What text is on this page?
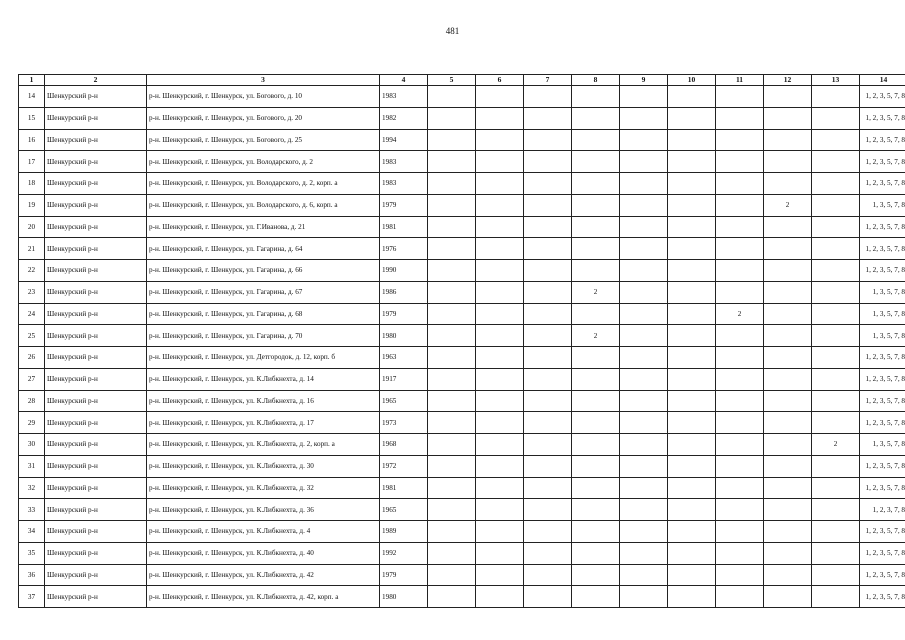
481
1	2	3	4	5	6	7	8	9	10	11	12	13	14
14	Шенкурский р-н	р-н. Шенкурский, г. Шенкурск, ул. Богового, д. 10	1983										1, 2, 3, 5, 7, 8
15	Шенкурский р-н	р-н. Шенкурский, г. Шенкурск, ул. Богового, д. 20	1982										1, 2, 3, 5, 7, 8
16	Шенкурский р-н	р-н. Шенкурский, г. Шенкурск, ул. Богового, д. 25	1994										1, 2, 3, 5, 7, 8
17	Шенкурский р-н	р-н. Шенкурский, г. Шенкурск, ул. Володарского, д. 2	1983										1, 2, 3, 5, 7, 8
18	Шенкурский р-н	р-н. Шенкурский, г. Шенкурск, ул. Володарского, д. 2, корп. а	1983										1, 2, 3, 5, 7, 8
19	Шенкурский р-н	р-н. Шенкурский, г. Шенкурск, ул. Володарского, д. 6, корп. а	1979								2		1, 3, 5, 7, 8
20	Шенкурский р-н	р-н. Шенкурский, г. Шенкурск, ул. Г.Иванова, д. 21	1981										1, 2, 3, 5, 7, 8
21	Шенкурский р-н	р-н. Шенкурский, г. Шенкурск, ул. Гагарина, д. 64	1976										1, 2, 3, 5, 7, 8
22	Шенкурский р-н	р-н. Шенкурский, г. Шенкурск, ул. Гагарина, д. 66	1990										1, 2, 3, 5, 7, 8
23	Шенкурский р-н	р-н. Шенкурский, г. Шенкурск, ул. Гагарина, д. 67	1986				2						1, 3, 5, 7, 8
24	Шенкурский р-н	р-н. Шенкурский, г. Шенкурск, ул. Гагарина, д. 68	1979							2			1, 3, 5, 7, 8
25	Шенкурский р-н	р-н. Шенкурский, г. Шенкурск, ул. Гагарина, д. 70	1980				2						1, 3, 5, 7, 8
26	Шенкурский р-н	р-н. Шенкурский, г. Шенкурск, ул. Детгородок, д. 12, корп. б	1963										1, 2, 3, 5, 7, 8
27	Шенкурский р-н	р-н. Шенкурский, г. Шенкурск, ул. К.Либкнехта, д. 14	1917										1, 2, 3, 5, 7, 8
28	Шенкурский р-н	р-н. Шенкурский, г. Шенкурск, ул. К.Либкнехта, д. 16	1965										1, 2, 3, 5, 7, 8
29	Шенкурский р-н	р-н. Шенкурский, г. Шенкурск, ул. К.Либкнехта, д. 17	1973										1, 2, 3, 5, 7, 8
30	Шенкурский р-н	р-н. Шенкурский, г. Шенкурск, ул. К.Либкнехта, д. 2, корп. а	1968									2	1, 3, 5, 7, 8
31	Шенкурский р-н	р-н. Шенкурский, г. Шенкурск, ул. К.Либкнехта, д. 30	1972										1, 2, 3, 5, 7, 8
32	Шенкурский р-н	р-н. Шенкурский, г. Шенкурск, ул. К.Либкнехта, д. 32	1981										1, 2, 3, 5, 7, 8
33	Шенкурский р-н	р-н. Шенкурский, г. Шенкурск, ул. К.Либкнехта, д. 36	1965										1, 2, 3, 7, 8
34	Шенкурский р-н	р-н. Шенкурский, г. Шенкурск, ул. К.Либкнехта, д. 4	1989										1, 2, 3, 5, 7, 8
35	Шенкурский р-н	р-н. Шенкурский, г. Шенкурск, ул. К.Либкнехта, д. 40	1992										1, 2, 3, 5, 7, 8
36	Шенкурский р-н	р-н. Шенкурский, г. Шенкурск, ул. К.Либкнехта, д. 42	1979										1, 2, 3, 5, 7, 8
37	Шенкурский р-н	р-н. Шенкурский, г. Шенкурск, ул. К.Либкнехта, д. 42, корп. а	1980										1, 2, 3, 5, 7, 8
